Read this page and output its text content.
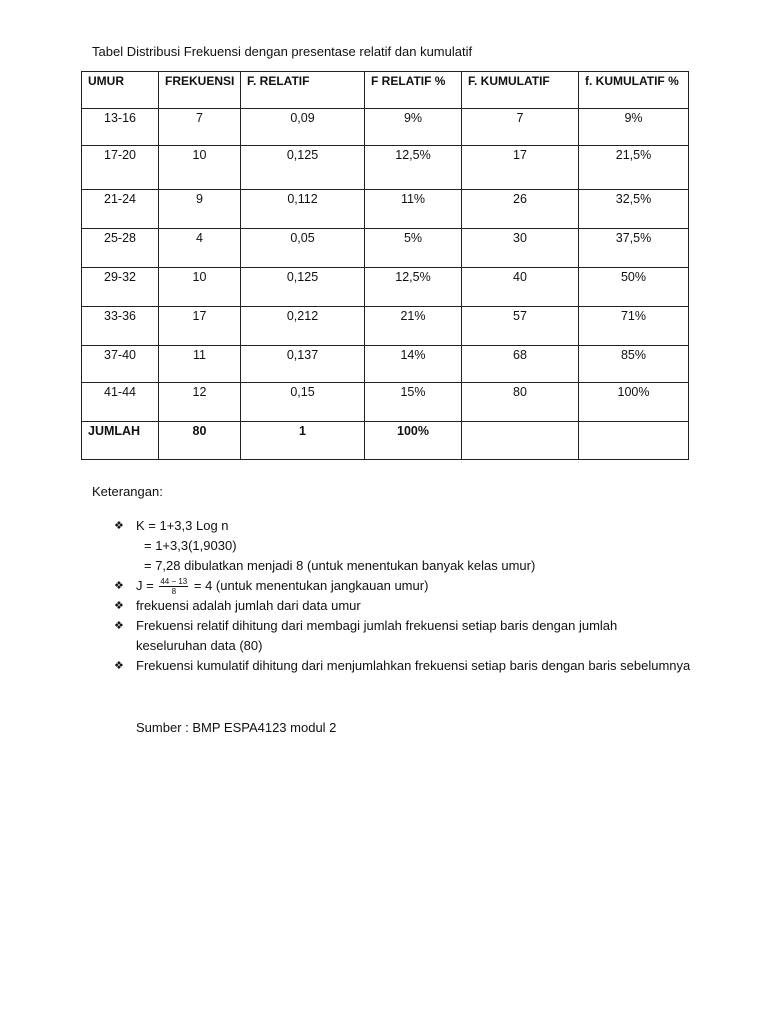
Tabel Distribusi Frekuensi dengan presentase relatif dan kumulatif
UMUR	FREKUENSI	F. RELATIF	F RELATIF %	F. KUMULATIF	f. KUMULATIF %
13-16	7	0,09	9%	7	9%
17-20	10	0,125	12,5%	17	21,5%
21-24	9	0,112	11%	26	32,5%
25-28	4	0,05	5%	30	37,5%
29-32	10	0,125	12,5%	40	50%
33-36	17	0,212	21%	57	71%
37-40	11	0,137	14%	68	85%
41-44	12	0,15	15%	80	100%
JUMLAH	80	1	100%		
Keterangan:
❖ K = 1+3,3 Log n
= 1+3,3(1,9030)
= 7,28 dibulatkan menjadi 8 (untuk menentukan banyak kelas umur)
❖ $J = \frac{44 - 13}{8} = 4$ (untuk menentukan jangkauan umur)
❖ frekuensi adalah jumlah dari data umur
❖ Frekuensi relatif dihitung dari membagi jumlah frekuensi setiap baris dengan jumlah
keseluruhan data (80)
❖ Frekuensi kumulatif dihitung dari menjumlahkan frekuensi setiap baris dengan baris sebelumnya
Sumber : BMP ESPA4123 modul 2
